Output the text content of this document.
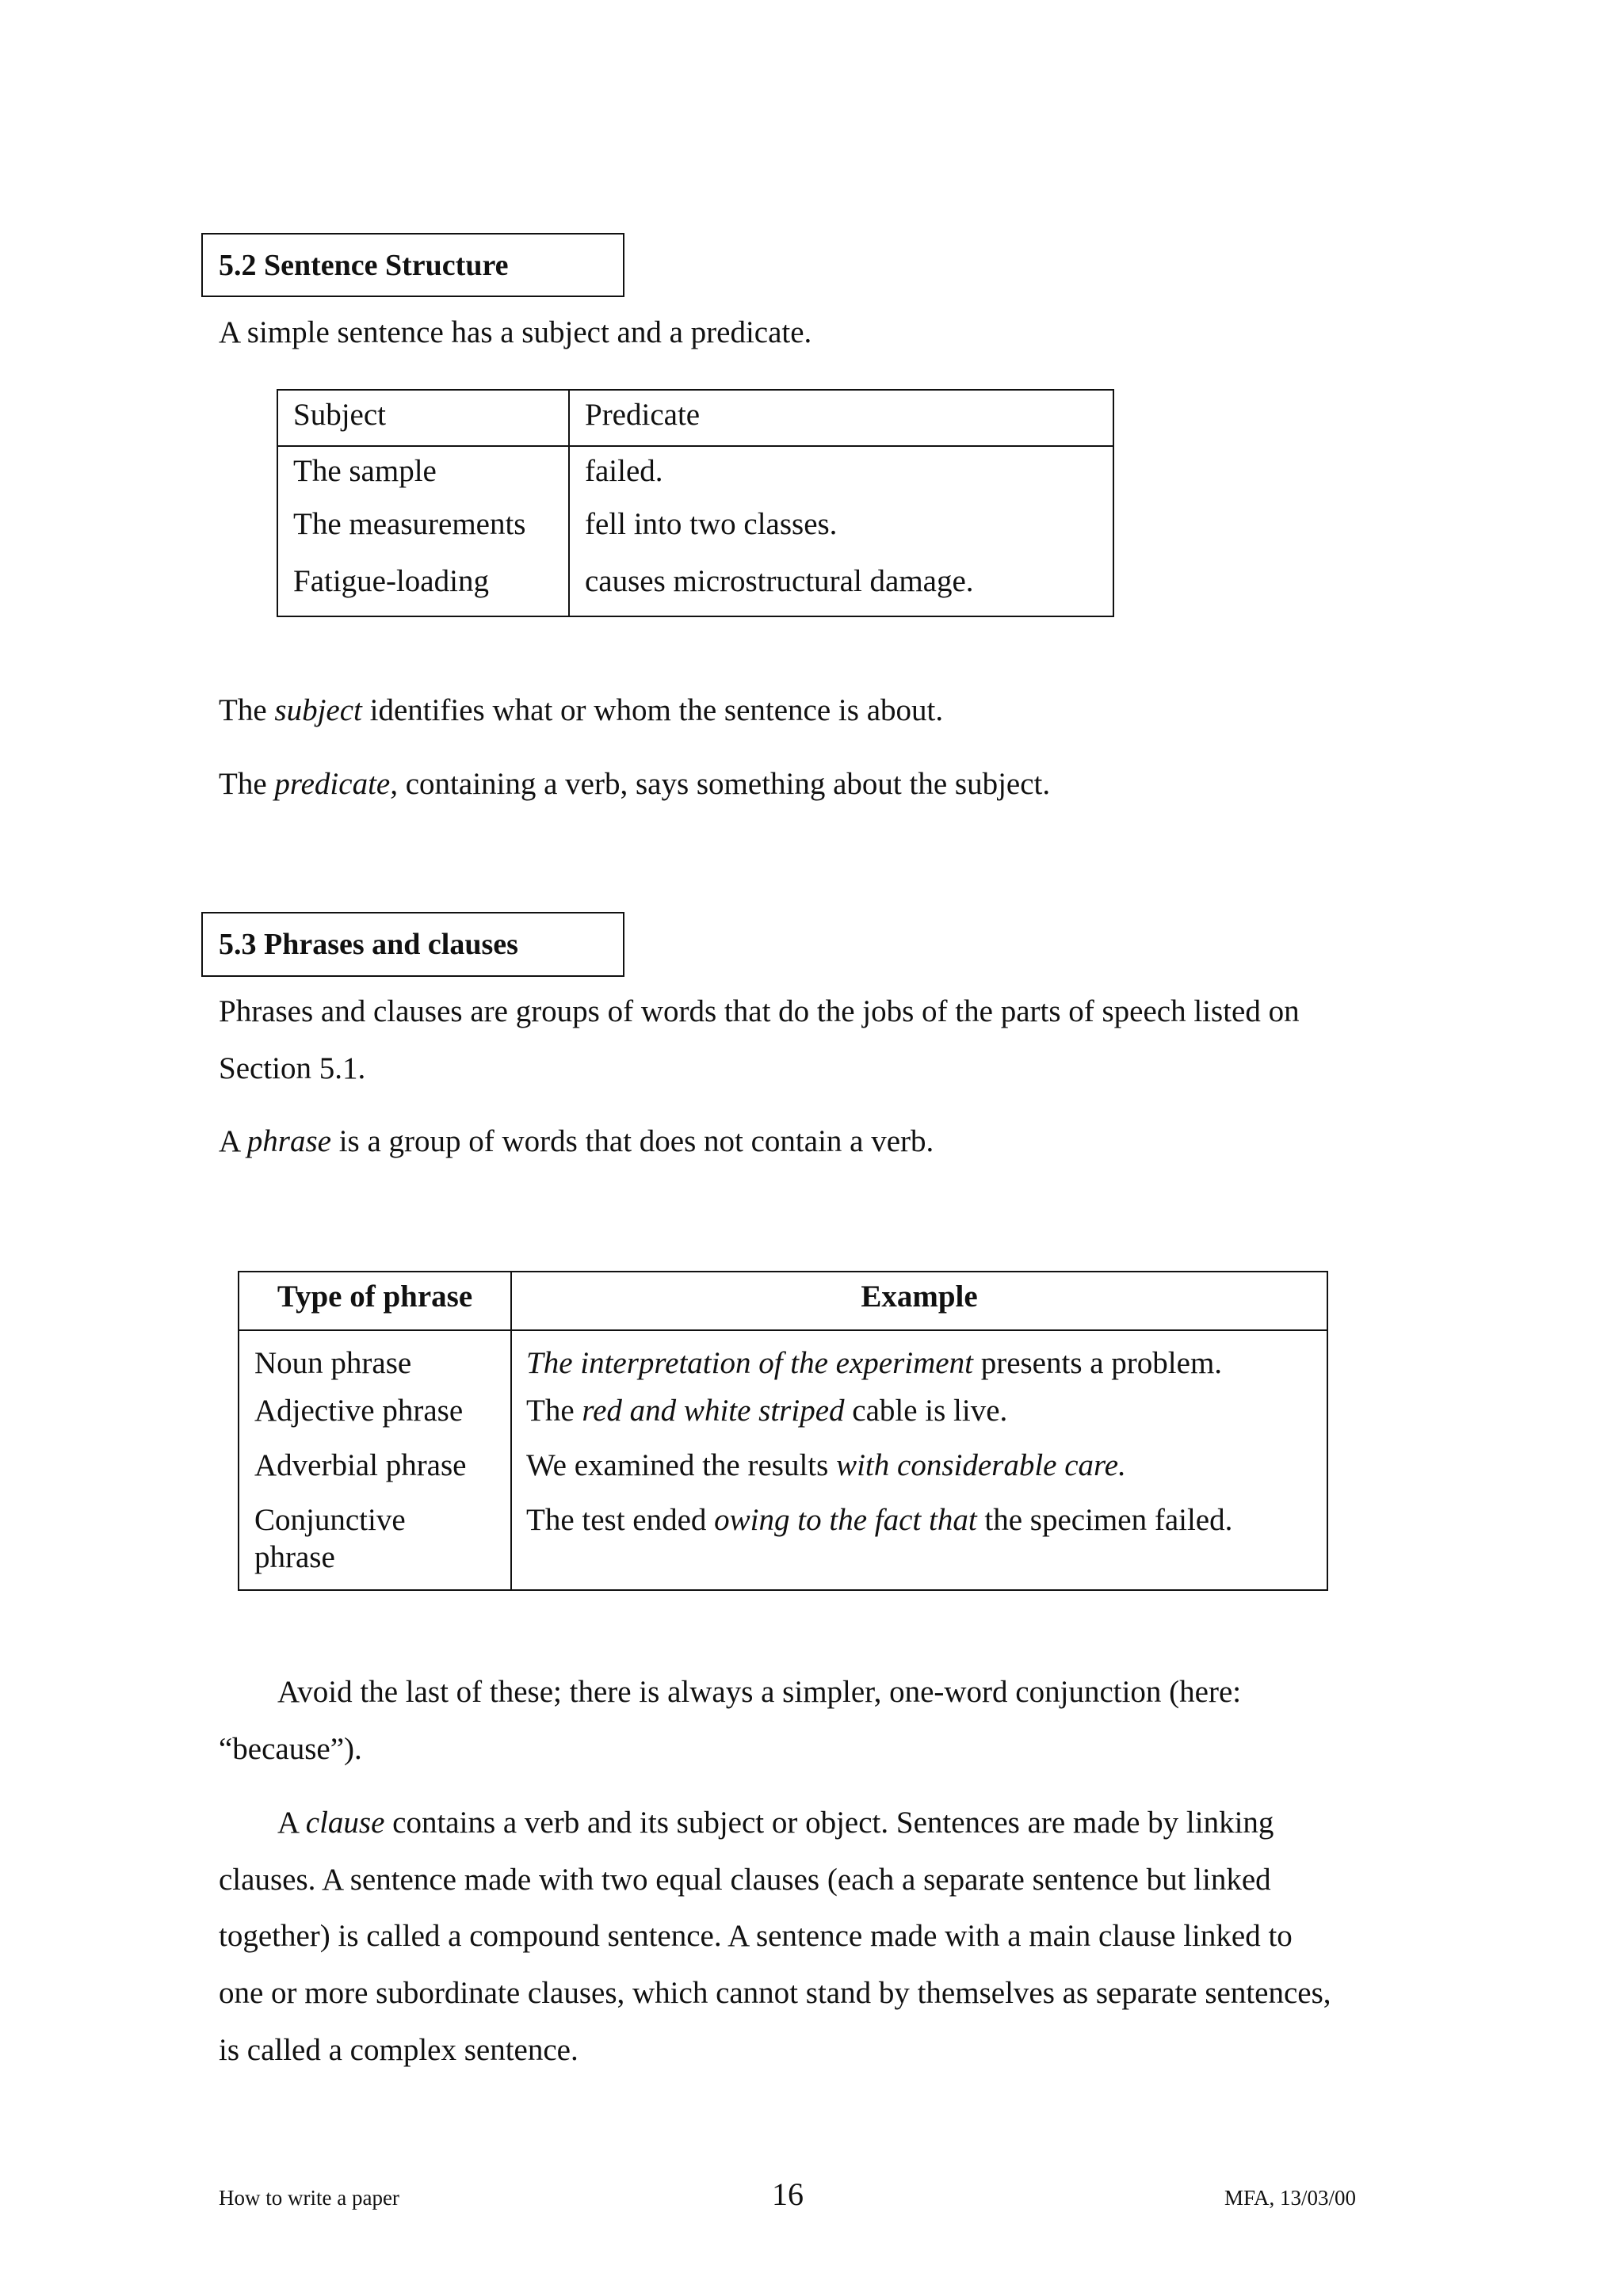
5.2 Sentence Structure
A simple sentence has a subject and a predicate.
Subject	Predicate
The sample	failed.
The measurements	fell into two classes.
Fatigue-loading	causes microstructural damage.
The subject identifies what or whom the sentence is about.
The predicate, containing a verb, says something about the subject.
5.3 Phrases and clauses
Phrases and clauses are groups of words that do the jobs of the parts of speech listed on
Section 5.1.
A phrase is a group of words that does not contain a verb.
Type of phrase	Example
Noun phrase	The interpretation of the experiment presents a problem.
Adjective phrase	The red and white striped cable is live.
Adverbial phrase	We examined the results with considerable care.
Conjunctive
phrase	The test ended owing to the fact that the specimen failed.
Avoid the last of these; there is always a simpler, one-word conjunction (here:
“because”).
A clause contains a verb and its subject or object. Sentences are made by linking
clauses. A sentence made with two equal clauses (each a separate sentence but linked
together) is called a compound sentence. A sentence made with a main clause linked to
one or more subordinate clauses, which cannot stand by themselves as separate sentences,
is called a complex sentence.
How to write a paper	16	MFA, 13/03/00
